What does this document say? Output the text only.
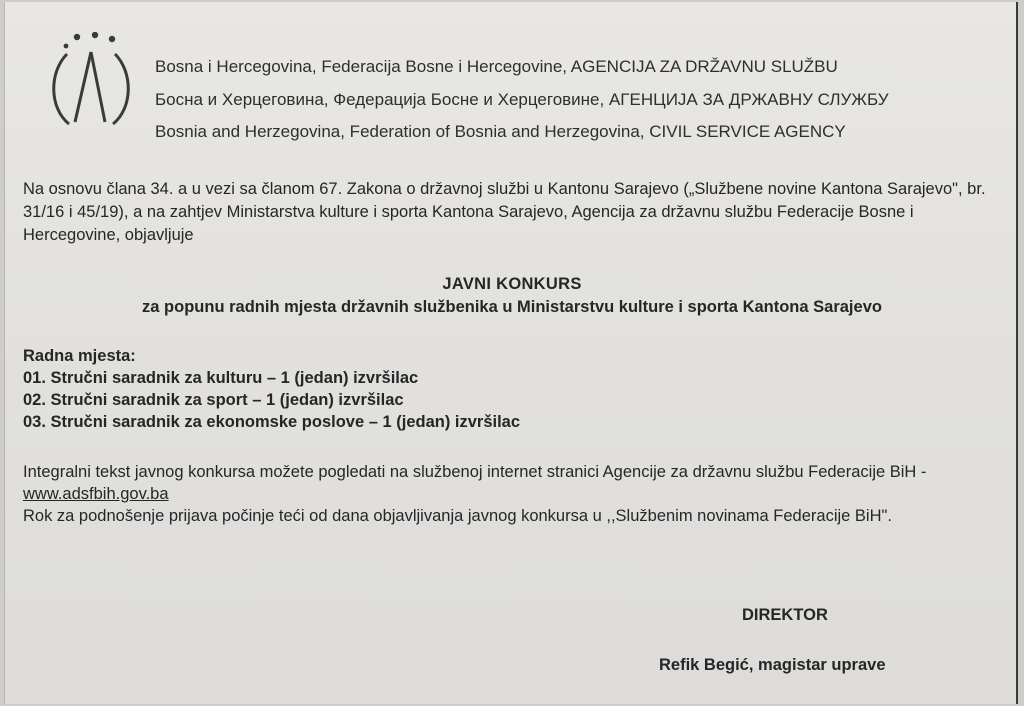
Bosna i Hercegovina, Federacija Bosne i Hercegovine, AGENCIJA ZA DRŽAVNU SLUŽBU
Босна и Херцеговина, Федерација Босне и Херцеговине, АГЕНЦИЈА ЗА ДРЖАВНУ СЛУЖБУ
Bosnia and Herzegovina, Federation of Bosnia and Herzegovina, CIVIL SERVICE AGENCY
Na osnovu člana 34. a u vezi sa članom 67. Zakona o državnoj službi u Kantonu Sarajevo („Službene novine Kantona Sarajevo", br. 31/16 i 45/19), a na zahtjev Ministarstva kulture i sporta Kantona Sarajevo, Agencija za državnu službu Federacije Bosne i Hercegovine, objavljuje
JAVNI KONKURS
za popunu radnih mjesta državnih službenika u Ministarstvu kulture i sporta Kantona Sarajevo
Radna mjesta:
01. Stručni saradnik za kulturu – 1 (jedan) izvršilac
02. Stručni saradnik za sport – 1 (jedan) izvršilac
03. Stručni saradnik za ekonomske poslove – 1 (jedan) izvršilac
Integralni tekst javnog konkursa možete pogledati na službenoj internet stranici Agencije za državnu službu Federacije BiH - www.adsfbih.gov.ba
Rok za podnošenje prijava počinje teći od dana objavljivanja javnog konkursa u ,,Službenim novinama Federacije BiH".
DIREKTOR
Refik Begić, magistar uprave
